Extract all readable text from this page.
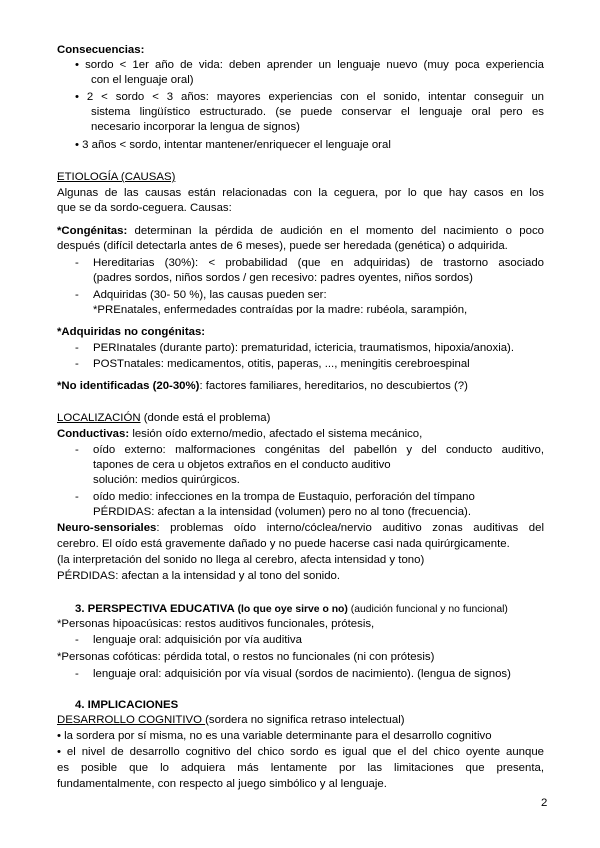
Consecuencias:
• sordo < 1er año de vida: deben aprender un lenguaje nuevo (muy poca experiencia
con el lenguaje oral)
• 2 < sordo < 3 años: mayores experiencias con el sonido, intentar conseguir un
sistema lingüístico estructurado. (se puede conservar el lenguaje oral pero es
necesario incorporar la lengua de signos)
• 3 años < sordo, intentar mantener/enriquecer el lenguaje oral
ETIOLOGÍA (CAUSAS)
Algunas de las causas están relacionadas con la ceguera, por lo que hay casos en los
que se da sordo-ceguera. Causas:
*Congénitas: determinan la pérdida de audición en el momento del nacimiento o poco
después (difícil detectarla antes de 6 meses), puede ser heredada (genética) o adquirida.
-	Hereditarias (30%): < probabilidad (que en adquiridas) de trastorno asociado
(padres sordos, niños sordos / gen recesivo: padres oyentes, niños sordos)
-	Adquiridas (30- 50 %), las causas pueden ser:
*PREnatales, enfermedades contraídas por la madre: rubéola, sarampión,
*Adquiridas no congénitas:
-	PERInatales (durante parto): prematuridad, ictericia, traumatismos, hipoxia/anoxia).
-	POSTnatales: medicamentos, otitis, paperas, ..., meningitis cerebroespinal
*No identificadas (20-30%): factores familiares, hereditarios, no descubiertos (?)
LOCALIZACIÓN (donde está el problema)
Conductivas: lesión oído externo/medio, afectado el sistema mecánico,
-	oído externo: malformaciones congénitas del pabellón y del conducto auditivo,
tapones de cera u objetos extraños en el conducto auditivo
solución: medios quirúrgicos.
-	oído medio: infecciones en la trompa de Eustaquio, perforación del tímpano
PÉRDIDAS: afectan a la intensidad (volumen) pero no al tono (frecuencia).
Neuro-sensoriales: problemas oído interno/cóclea/nervio auditivo zonas auditivas del
cerebro. El oído está gravemente dañado y no puede hacerse casi nada quirúrgicamente.
(la interpretación del sonido no llega al cerebro, afecta intensidad y tono)
PÉRDIDAS: afectan a la intensidad y al tono del sonido.
3. PERSPECTIVA EDUCATIVA (lo que oye sirve o no) (audición funcional y no funcional)
*Personas hipoacúsicas: restos auditivos funcionales, prótesis,
-	lenguaje oral: adquisición por vía auditiva
*Personas cofóticas: pérdida total, o restos no funcionales (ni con prótesis)
-	lenguaje oral: adquisición por vía visual (sordos de nacimiento). (lengua de signos)
4. IMPLICACIONES
DESARROLLO COGNITIVO (sordera no significa retraso intelectual)
• la sordera por sí misma, no es una variable determinante para el desarrollo cognitivo
• el nivel de desarrollo cognitivo del chico sordo es igual que el del chico oyente aunque
es posible que lo adquiera más lentamente por las limitaciones que presenta,
fundamentalmente, con respecto al juego simbólico y al lenguaje.
2
